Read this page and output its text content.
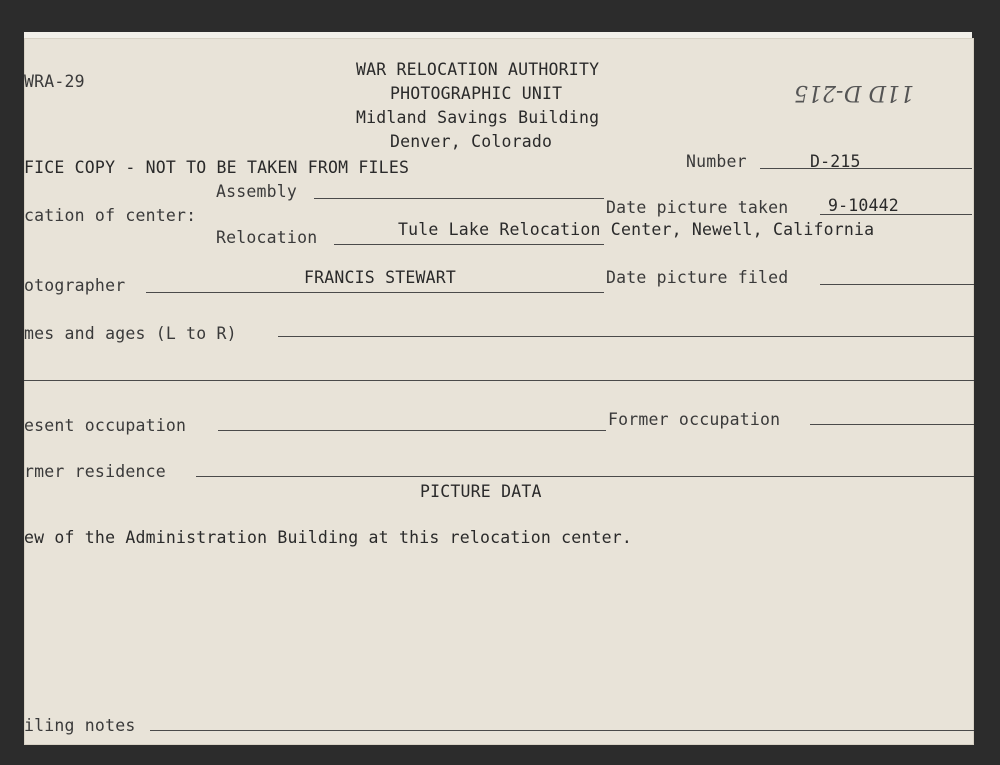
WRA-29
WAR RELOCATION AUTHORITY
PHOTOGRAPHIC UNIT
Midland Savings Building
Denver, Colorado
11D D-215
FICE COPY - NOT TO BE TAKEN FROM FILES	Number	D-215
Assembly
cation of center:	Date picture taken 9-10442
Relocation	Tule Lake Relocation Center, Newell, California
otographer	FRANCIS STEWART	Date picture filed
mes and ages (L to R)
esent occupation	Former occupation
rmer residence
PICTURE DATA
ew of the Administration Building at this relocation center.
iling notes
